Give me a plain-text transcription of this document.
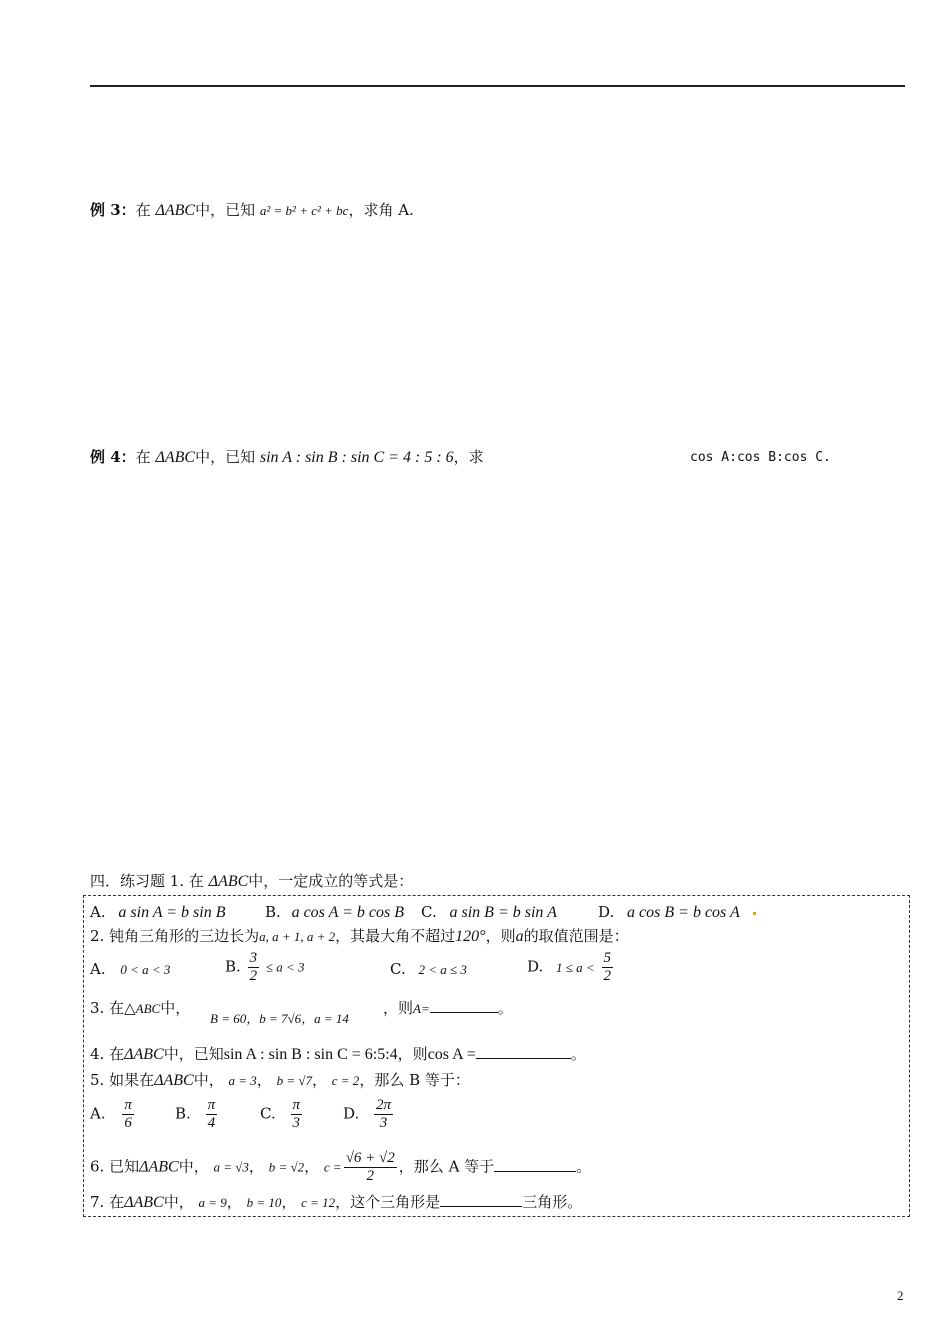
例 3：在 ΔABC中，已知 a² = b² + c² + bc，求角 A.
例 4：在 ΔABC中，已知 sin A : sin B : sin C = 4 : 5 : 6，求	cos A:cos B:cos C.
四．练习题 1. 在 ΔABC中，一定成立的等式是：
A. a sin A = b sin B	B. a cos A = b cos B C. a sin B = b sin A	D. a cos B = b cos A
2. 钝角三角形的三边长为a, a + 1, a + 2，其最大角不超过120°，则a的取值范围是：
A. 0 < a < 3	B. $\frac{3}{2} \le a < 3$	C. 2 < a ≤ 3	D. $1 \le a < \frac{5}{2}$
3. 在△ABC中，
B = 60，b = 7√6，a = 14
，则A=	。
4. 在ΔABC中，已知sin A : sin B : sin C = 6:5:4，则cos A =	。
5. 如果在ΔABC中， a = 3， b = √7， c = 2，那么 B 等于：
A. $\frac{\pi}{6}$	B. $\frac{\pi}{4}$	C. $\frac{\pi}{3}$	D. $\frac{2\pi}{3}$
6. 已知ΔABC中， a = √3， b = √2， $c = \frac{√6 + √2}{2}$ ，那么 A 等于	。
7. 在ΔABC中， a = 9， b = 10， c = 12，这个三角形是	三角形。
2
